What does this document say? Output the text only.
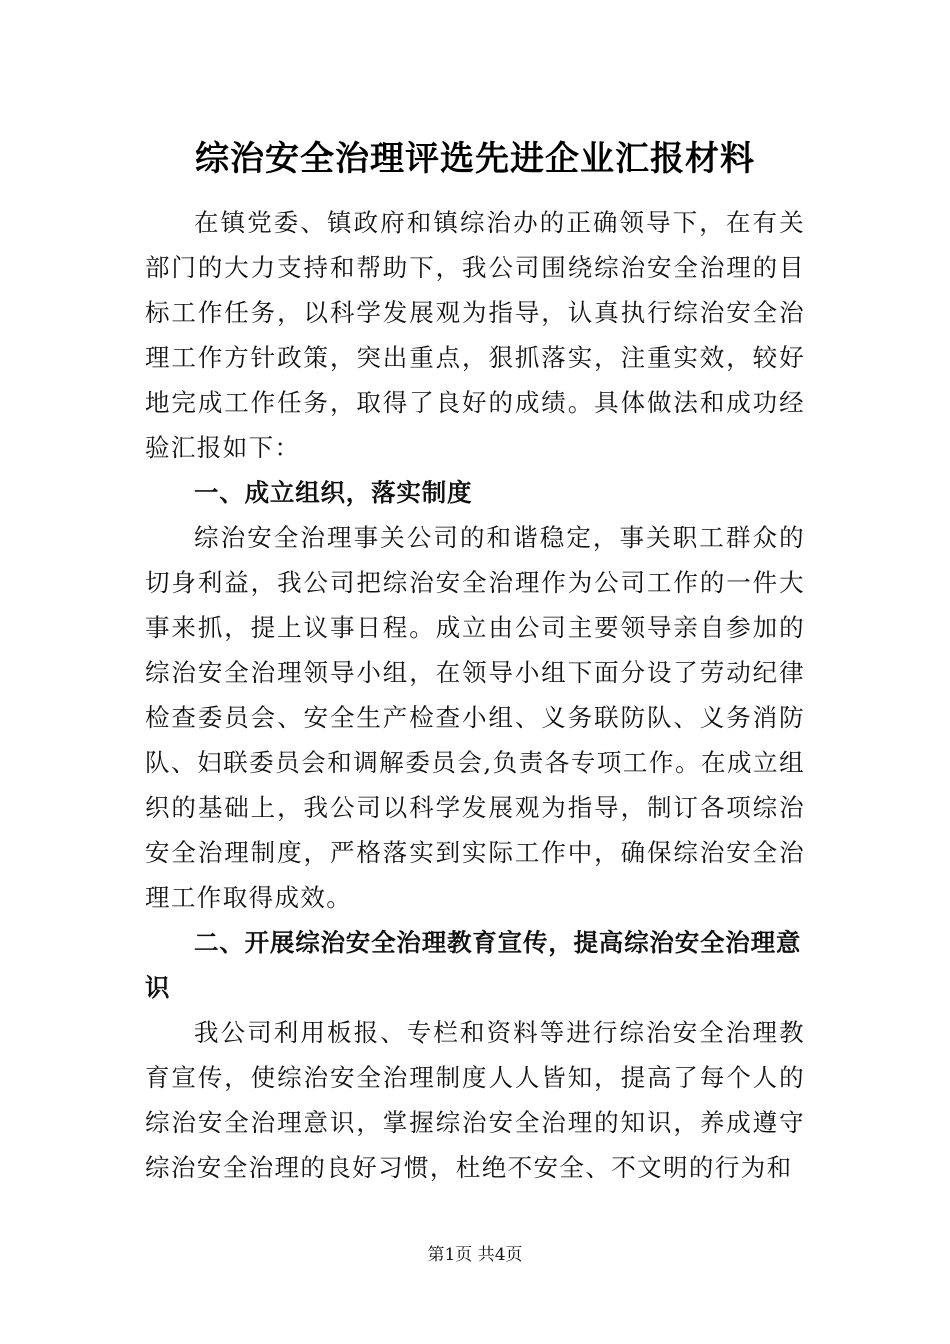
综治安全治理评选先进企业汇报材料

在镇党委、镇政府和镇综治办的正确领导下，在有关部门的大力支持和帮助下，我公司围绕综治安全治理的目标工作任务，以科学发展观为指导，认真执行综治安全治理工作方针政策，突出重点，狠抓落实，注重实效，较好地完成工作任务，取得了良好的成绩。具体做法和成功经验汇报如下：

一、成立组织，落实制度

综治安全治理事关公司的和谐稳定，事关职工群众的切身利益，我公司把综治安全治理作为公司工作的一件大事来抓，提上议事日程。成立由公司主要领导亲自参加的综治安全治理领导小组，在领导小组下面分设了劳动纪律检查委员会、安全生产检查小组、义务联防队、义务消防队、妇联委员会和调解委员会,负责各专项工作。在成立组织的基础上，我公司以科学发展观为指导，制订各项综治安全治理制度，严格落实到实际工作中，确保综治安全治理工作取得成效。

二、开展综治安全治理教育宣传，提高综治安全治理意识

我公司利用板报、专栏和资料等进行综治安全治理教育宣传，使综治安全治理制度人人皆知，提高了每个人的综治安全治理意识，掌握综治安全治理的知识，养成遵守综治安全治理的良好习惯，杜绝不安全、不文明的行为和

第1页 共4页
